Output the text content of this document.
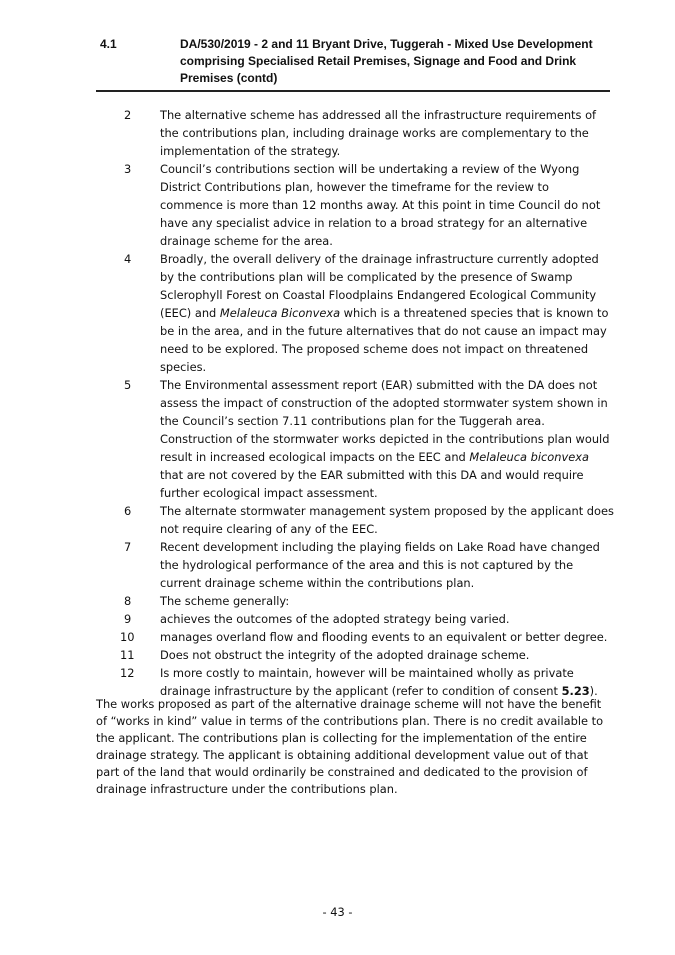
4.1	DA/530/2019 - 2 and 11 Bryant Drive, Tuggerah - Mixed Use Development comprising Specialised Retail Premises, Signage and Food and Drink Premises (contd)
2	The alternative scheme has addressed all the infrastructure requirements of the contributions plan, including drainage works are complementary to the implementation of the strategy.
3	Council’s contributions section will be undertaking a review of the Wyong District Contributions plan, however the timeframe for the review to commence is more than 12 months away. At this point in time Council do not have any specialist advice in relation to a broad strategy for an alternative drainage scheme for the area.
4	Broadly, the overall delivery of the drainage infrastructure currently adopted by the contributions plan will be complicated by the presence of Swamp Sclerophyll Forest on Coastal Floodplains Endangered Ecological Community (EEC) and Melaleuca Biconvexa which is a threatened species that is known to be in the area, and in the future alternatives that do not cause an impact may need to be explored. The proposed scheme does not impact on threatened species.
5	The Environmental assessment report (EAR) submitted with the DA does not assess the impact of construction of the adopted stormwater system shown in the Council’s section 7.11 contributions plan for the Tuggerah area. Construction of the stormwater works depicted in the contributions plan would result in increased ecological impacts on the EEC and Melaleuca biconvexa that are not covered by the EAR submitted with this DA and would require further ecological impact assessment.
6	The alternate stormwater management system proposed by the applicant does not require clearing of any of the EEC.
7	Recent development including the playing fields on Lake Road have changed the hydrological performance of the area and this is not captured by the current drainage scheme within the contributions plan.
8	The scheme generally:
9	achieves the outcomes of the adopted strategy being varied.
10	manages overland flow and flooding events to an equivalent or better degree.
11	Does not obstruct the integrity of the adopted drainage scheme.
12	Is more costly to maintain, however will be maintained wholly as private drainage infrastructure by the applicant (refer to condition of consent 5.23).

The works proposed as part of the alternative drainage scheme will not have the benefit of “works in kind” value in terms of the contributions plan. There is no credit available to the applicant. The contributions plan is collecting for the implementation of the entire drainage strategy. The applicant is obtaining additional development value out of that part of the land that would ordinarily be constrained and dedicated to the provision of drainage infrastructure under the contributions plan.

- 43 -
